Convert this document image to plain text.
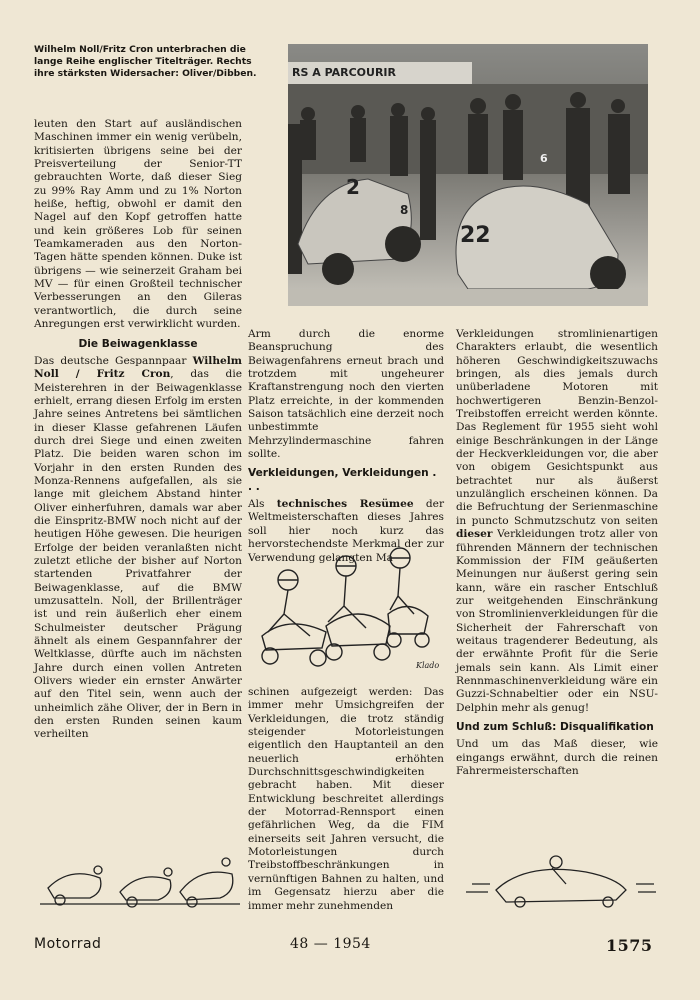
Wilhelm Noll/Fritz Cron unterbrachen die lange Reihe englischer Titelträger. Rechts ihre stärksten Widersacher: Oliver/Dibben.	RS A PARCOURIR
2
8
22
6

leuten den Start auf ausländischen Maschinen immer ein wenig verübeln, kritisierten übrigens seine bei der Preisverteilung der Senior-TT gebrauchten Worte, daß dieser Sieg zu 99% Ray Amm und zu 1% Norton heiße, heftig, obwohl er damit den Nagel auf den Kopf getroffen hatte und kein größeres Lob für seinen Teamkameraden aus den Norton-Tagen hätte spenden können. Duke ist übrigens — wie seinerzeit Graham bei MV — für einen Großteil technischer Verbesserungen an den Gileras verantwortlich, die durch seine Anregungen erst verwirklicht wurden.

Die Beiwagenklasse

Das deutsche Gespannpaar Wilhelm Noll / Fritz Cron, das die Meisterehren in der Beiwagenklasse erhielt, errang diesen Erfolg im ersten Jahre seines Antretens bei sämtlichen in dieser Klasse gefahrenen Läufen durch drei Siege und einen zweiten Platz. Die beiden waren schon im Vorjahr in den ersten Runden des Monza-Rennens aufgefallen, als sie lange mit gleichem Abstand hinter Oliver einherfuhren, damals war aber die Einspritz-BMW noch nicht auf der heutigen Höhe gewesen. Die heurigen Erfolge der beiden veranlaßten nicht zuletzt etliche der bisher auf Norton startenden Privatfahrer der Beiwagenklasse, auf die BMW umzusatteln. Noll, der Brillenträger ist und rein äußerlich eher einem Schulmeister deutscher Prägung ähnelt als einem Gespannfahrer der Weltklasse, dürfte auch im nächsten Jahre durch einen vollen Antreten Olivers wieder ein ernster Anwärter auf den Titel sein, wenn auch der unheimlich zähe Oliver, der in Bern in den ersten Runden seinen kaum verheilten

Arm durch die enorme Beanspruchung des Beiwagenfahrens erneut brach und trotzdem mit ungeheurer Kraftanstrengung noch den vierten Platz erreichte, in der kommenden Saison tatsächlich eine derzeit noch unbestimmte Mehrzylindermaschine fahren sollte.

Verkleidungen, Verkleidungen . . .

Als technisches Resümee der Weltmeisterschaften dieses Jahres soll hier noch kurz das hervorstechendste Merkmal der zur Verwendung gelangten Ma-

Klado

schinen aufgezeigt werden: Das immer mehr Umsichgreifen der Verkleidungen, die trotz ständig steigender Motorleistungen eigentlich den Hauptanteil an den neuerlich erhöhten Durchschnittsgeschwindigkeiten gebracht haben. Mit dieser Entwicklung beschreitet allerdings der Motorrad-Rennsport einen gefährlichen Weg, da die FIM einerseits seit Jahren versucht, die Motorleistungen durch Treibstoffbeschränkungen in vernünftigen Bahnen zu halten, und im Gegensatz hierzu aber die immer mehr zunehmenden

Verkleidungen stromlinienartigen Charakters erlaubt, die wesentlich höheren Geschwindigkeitszuwachs bringen, als dies jemals durch unüberladene Motoren mit hochwertigeren Benzin-Benzol-Treibstoffen erreicht werden könnte. Das Reglement für 1955 sieht wohl einige Beschränkungen in der Länge der Heckverkleidungen vor, die aber von obigem Gesichtspunkt aus betrachtet nur als äußerst unzulänglich erscheinen können. Da die Befruchtung der Serienmaschine in puncto Schmutzschutz von seiten dieser Verkleidungen trotz aller von führenden Männern der technischen Kommission der FIM geäußerten Meinungen nur äußerst gering sein kann, wäre ein rascher Entschluß zur weitgehenden Einschränkung von Stromlinienverkleidungen für die Sicherheit der Fahrerschaft von weitaus tragenderer Bedeutung, als der erwähnte Profit für die Serie jemals sein kann. Als Limit einer Rennmaschinenverkleidung wäre ein Guzzi-Schnabeltier oder ein NSU-Delphin mehr als genug!

Und zum Schluß: Disqualifikation

Und um das Maß dieser, wie eingangs erwähnt, durch die reinen Fahrermeisterschaften

Motorrad	48 — 1954	1575
